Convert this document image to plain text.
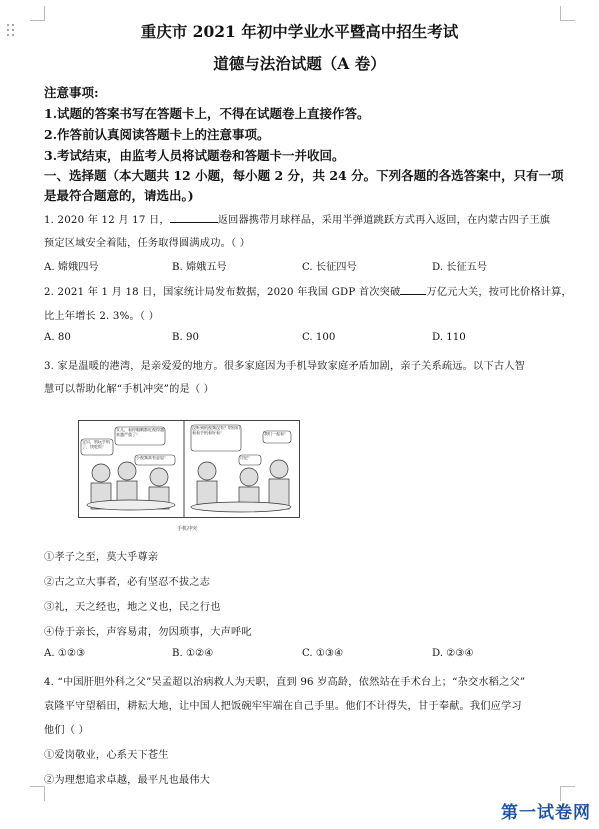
重庆市 2021 年初中学业水平暨高中招生考试
道德与法治试题（A 卷）
注意事项:
1.试题的答案书写在答题卡上，不得在试题卷上直接作答。
2.作答前认真阅读答题卡上的注意事项。
3.考试结束，由监考人员将试题卷和答题卡一并收回。
一、选择题（本大题共 12 小题，每小题 2 分，共 24 分。下列各题的各选答案中，只有一项
是最符合题意的，请选出。)
1. 2020 年 12 月 17 日，	返回器携带月球样品，采用半弹道跳跃方式再入返回，在内蒙古四子王旗
预定区域安全着陆，任务取得圆满成功。（ ）
A. 嫦娥四号	B. 嫦娥五号	C. 长征四号	D. 长征五号
2. 2021 年 1 月 18 日，国家统计局发布数据，2020 年我国 GDP 首次突破	万亿元大关，按可比价格计算，
比上年增长 2. 3%。（ ）
A. 80	B. 90	C. 100	D. 110
3. 家是温暖的港湾，是亲爱爱的地方。很多家庭因为手机导致家庭矛盾加剧，亲子关系疏远。以下古人智
慧可以帮助化解“手机冲突”的是（ ）
宝贝，别玩手机了，快吃饭！
女儿，看你眼睛都近视得越来越严重了！
小视频真有意思！
没听到机视频没有？给你们看看手机看好看！	我们一起看！
讨论！
手机冲突
①孝子之至，莫大乎尊亲
②古之立大事者，必有坚忍不拔之志
③礼，天之经也，地之义也，民之行也
④侍于亲长，声容易肃，勿因琐事，大声呼叱
A. ①②③	B. ①②④	C. ①③④	D. ②③④
4. “中国肝胆外科之父”吴孟超以治病救人为天职，直到 96 岁高龄，依然站在手术台上；“杂交水稻之父”
袁隆平守望稻田，耕耘大地，让中国人把饭碗牢牢端在自己手里。他们不计得失，甘于奉献。我们应学习
他们（ ）
①爱岗敬业，心系天下苍生
②为理想追求卓越，最平凡也最伟大
第一试卷网
